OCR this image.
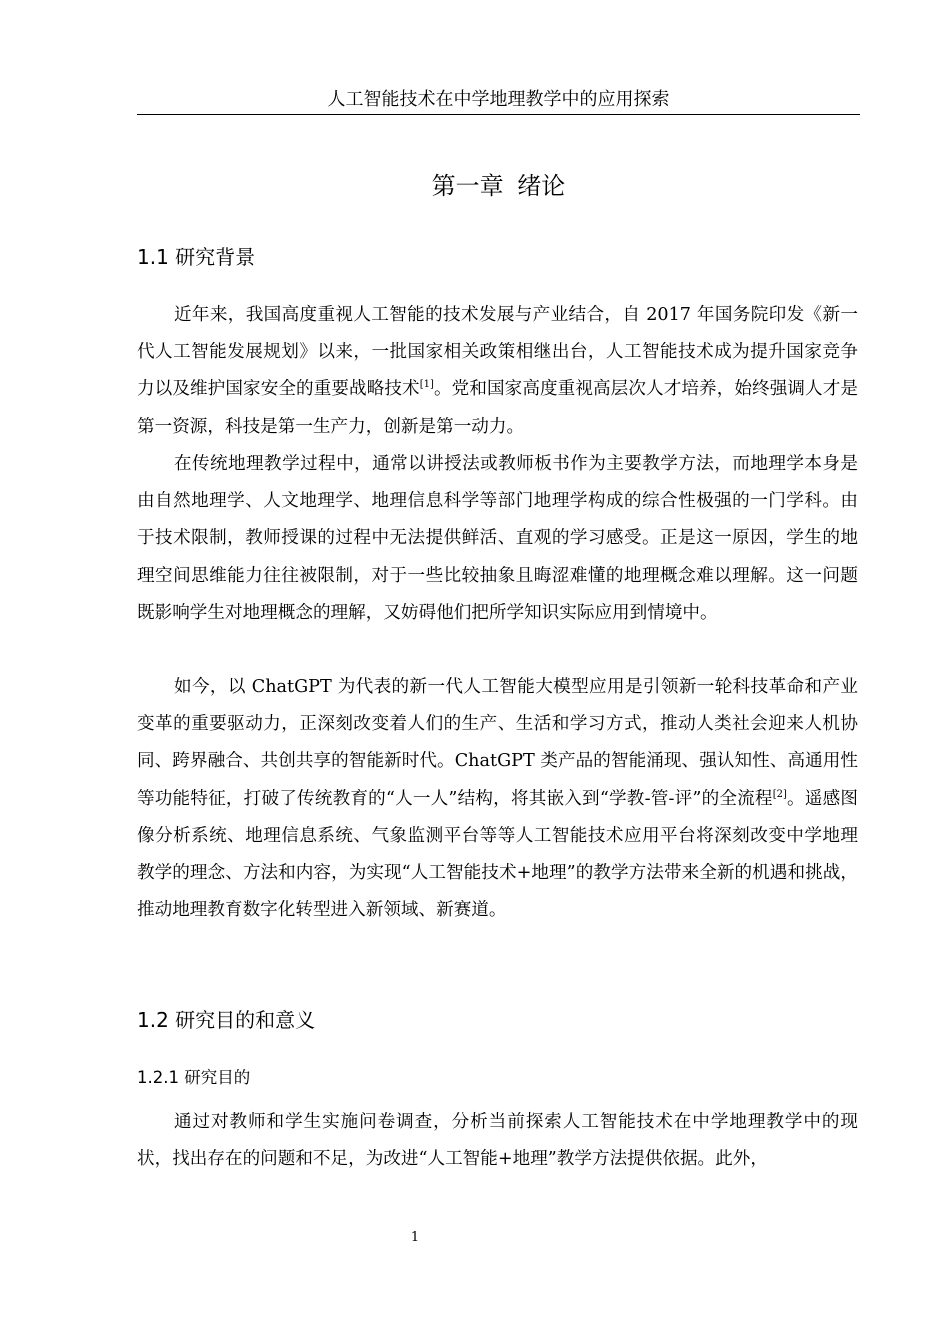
人工智能技术在中学地理教学中的应用探索
第一章 绪论
1.1 研究背景

近年来，我国高度重视人工智能的技术发展与产业结合，自 2017 年国务院印发《新一代人工智能发展规划》以来，一批国家相关政策相继出台，人工智能技术成为提升国家竞争力以及维护国家安全的重要战略技术[1]。党和国家高度重视高层次人才培养，始终强调人才是第一资源，科技是第一生产力，创新是第一动力。

在传统地理教学过程中，通常以讲授法或教师板书作为主要教学方法，而地理学本身是由自然地理学、人文地理学、地理信息科学等部门地理学构成的综合性极强的一门学科。由于技术限制，教师授课的过程中无法提供鲜活、直观的学习感受。正是这一原因，学生的地理空间思维能力往往被限制，对于一些比较抽象且晦涩难懂的地理概念难以理解。这一问题既影响学生对地理概念的理解，又妨碍他们把所学知识实际应用到情境中。

如今，以 ChatGPT 为代表的新一代人工智能大模型应用是引领新一轮科技革命和产业变革的重要驱动力，正深刻改变着人们的生产、生活和学习方式，推动人类社会迎来人机协同、跨界融合、共创共享的智能新时代。ChatGPT 类产品的智能涌现、强认知性、高通用性等功能特征，打破了传统教育的“人一人”结构，将其嵌入到“学教-管-评”的全流程[2]。遥感图像分析系统、地理信息系统、气象监测平台等等人工智能技术应用平台将深刻改变中学地理教学的理念、方法和内容，为实现“人工智能技术+地理”的教学方法带来全新的机遇和挑战，推动地理教育数字化转型进入新领域、新赛道。

1.2 研究目的和意义
1.2.1 研究目的

通过对教师和学生实施问卷调查，分析当前探索人工智能技术在中学地理教学中的现状，找出存在的问题和不足，为改进“人工智能+地理”教学方法提供依据。此外，

1
